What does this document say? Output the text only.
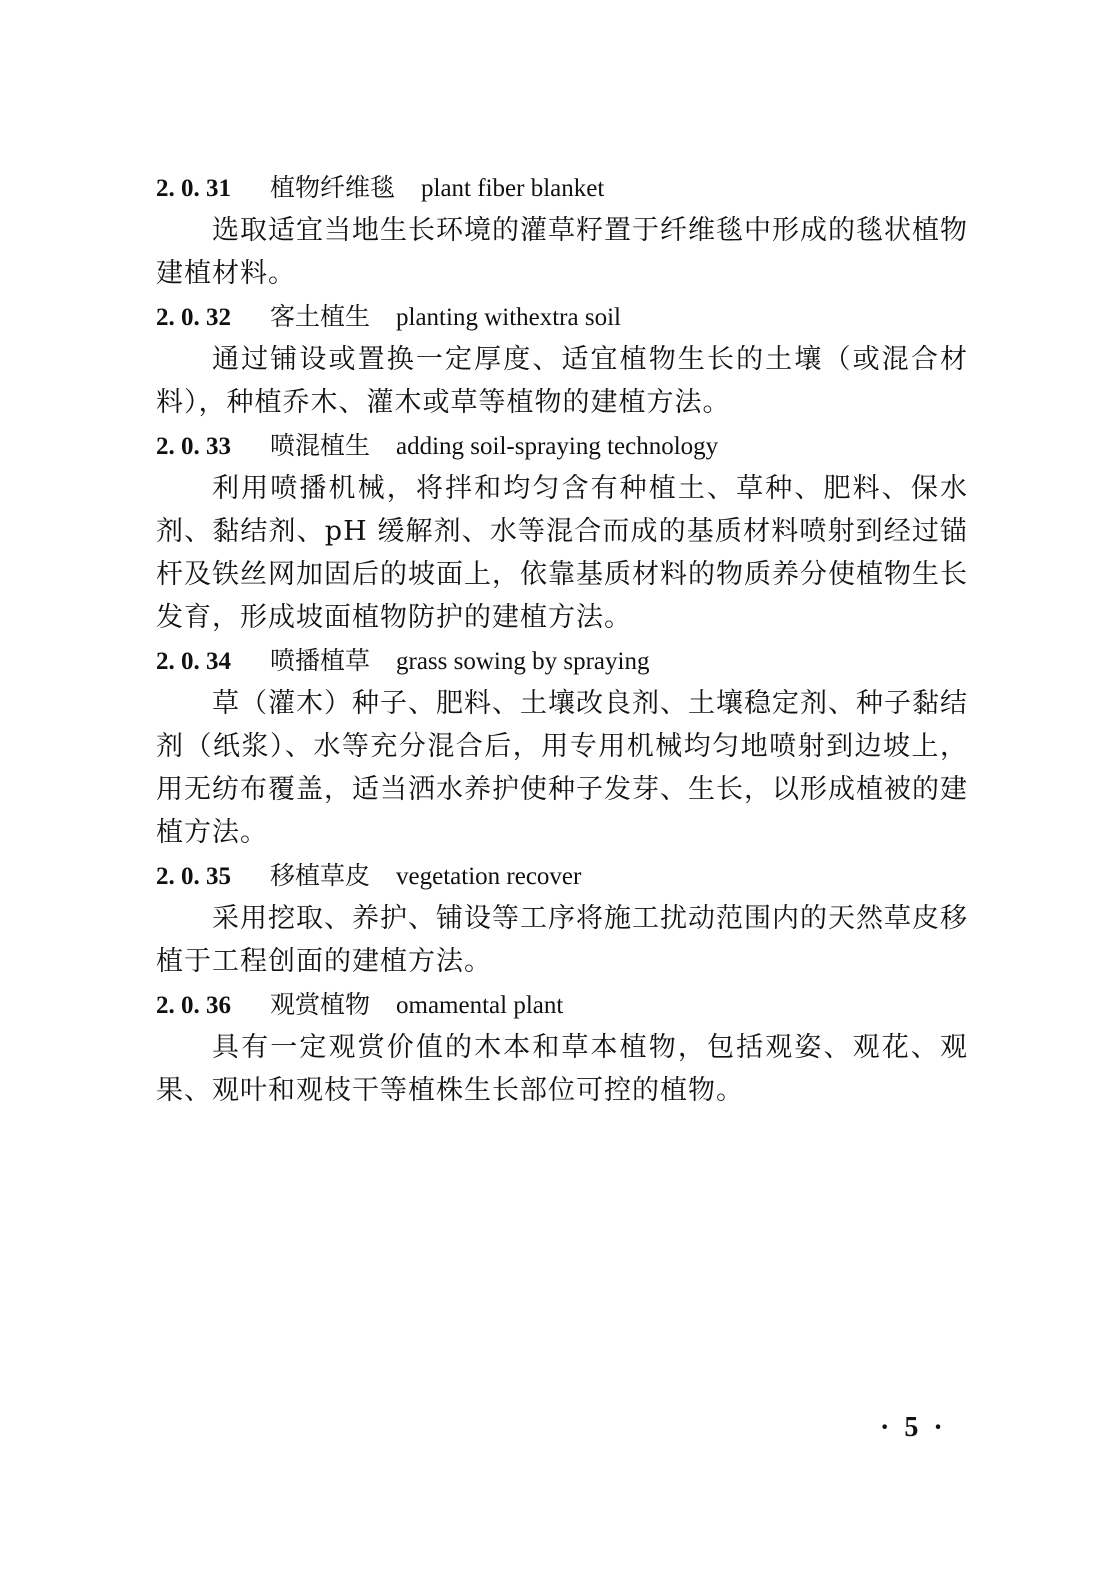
2. 0. 31 植物纤维毯 plant fiber blanket

选取适宜当地生长环境的灌草籽置于纤维毯中形成的毯状植物建植材料。

2. 0. 32 客土植生 planting withextra soil

通过铺设或置换一定厚度、适宜植物生长的土壤（或混合材料），种植乔木、灌木或草等植物的建植方法。

2. 0. 33 喷混植生 adding soil-spraying technology

利用喷播机械，将拌和均匀含有种植土、草种、肥料、保水剂、黏结剂、pH 缓解剂、水等混合而成的基质材料喷射到经过锚杆及铁丝网加固后的坡面上，依靠基质材料的物质养分使植物生长发育，形成坡面植物防护的建植方法。

2. 0. 34 喷播植草 grass sowing by spraying

草（灌木）种子、肥料、土壤改良剂、土壤稳定剂、种子黏结剂（纸浆）、水等充分混合后，用专用机械均匀地喷射到边坡上，用无纺布覆盖，适当洒水养护使种子发芽、生长，以形成植被的建植方法。

2. 0. 35 移植草皮 vegetation recover

采用挖取、养护、铺设等工序将施工扰动范围内的天然草皮移植于工程创面的建植方法。

2. 0. 36 观赏植物 omamental plant

具有一定观赏价值的木本和草本植物，包括观姿、观花、观果、观叶和观枝干等植株生长部位可控的植物。

· 5 ·
